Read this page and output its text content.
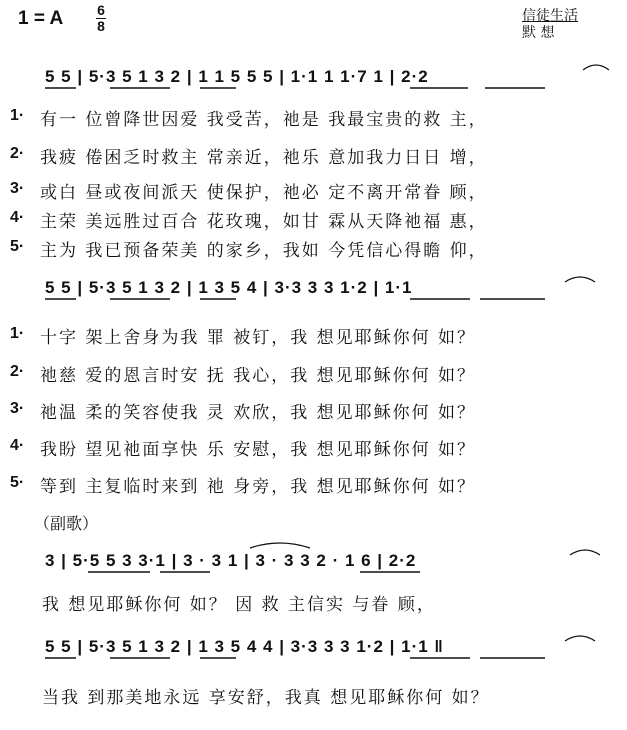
1 = A 6
8
信徒生活
默 想
5 5 | 5·3 5 1 3 2 | 1 1 5 5 5 | 1·1 1 1·7 1 | 2·2
1· 有一 位曾降世因爱 我受苦，祂是 我最宝贵的救 主，
2· 我疲 倦困乏时救主 常亲近，祂乐 意加我力日日 增，
3· 或白 昼或夜间派天 使保护，祂必 定不离开常眷 顾，
4· 主荣 美远胜过百合 花玫瑰，如甘 霖从天降祂福 惠，
5· 主为 我已预备荣美 的家乡，我如 今凭信心得瞻 仰，
5 5 | 5·3 5 1 3 2 | 1 3 5 4 | 3·3 3 3 1·2 | 1·1
1· 十字 架上舍身为我 罪 被钉，我 想见耶稣你何 如？
2· 祂慈 爱的恩言时安 抚 我心，我 想见耶稣你何 如？
3· 祂温 柔的笑容使我 灵 欢欣，我 想见耶稣你何 如？
4· 我盼 望见祂面享快 乐 安慰，我 想见耶稣你何 如？
5· 等到 主复临时来到 祂 身旁，我 想见耶稣你何 如？
（副歌）
3 | 5·5 5 3 3·1 | 3 · 3 1 | 3 · 3 3 2 · 1 6 | 2·2
我 想见耶稣你何 如？ 因 救 主信实 与眷 顾，
5 5 | 5·3 5 1 3 2 | 1 3 5 4 4 | 3·3 3 3 1·2 | 1·1 ‖
当我 到那美地永远 享安舒，我真 想见耶稣你何 如？
